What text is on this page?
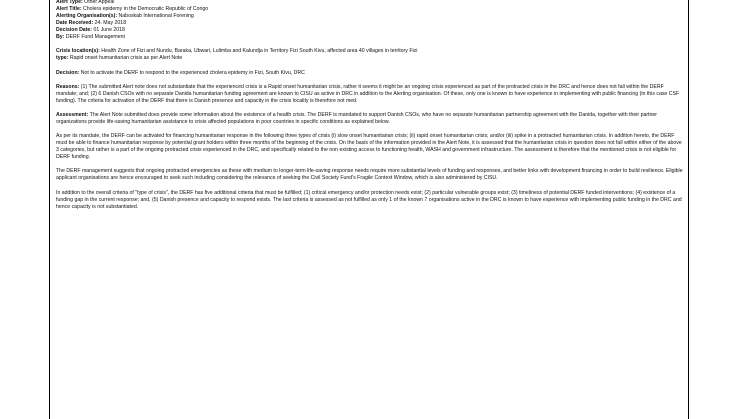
Alert Type: Other Appeal
Alert Title: Cholera epidemy in the Democratic Republic of Congo
Alerting Organisation(s): Naboskab International Forening
Date Received: 24. May 2018
Decision Date: 01 June 2018
By: DERF Fund Management
Crisis location(s): Health Zone of Fizi and Nundu, Baraka, Ubwari, Lulimba and Kalundja in Territory Fizi South Kivu, affected area 40 villages in territory Fizi
type: Rapid onset humanitarian crisis as per Alert Note

Decision: Not to activate the DERF to respond to the experienced cholera epidemy in Fizi, South Kivu, DRC

Reasons: (1) The submitted Alert note does not substantiate that the experienced crisis is a Rapid onset humanitarian crisis, rather it seems it might be an ongoing crisis experienced as part of the protracted crisis in the DRC and hence does not fall within the DERF mandate; and; (2) 6 Danish CSOs with no separate Danida humanitarian funding agreement are known to CISU as active in DRC in addition to the Alerting organisation. Of these, only one is known to have experience in implementing with public financing (in this case CSF funding). The criteria for activation of the DERF that there is Danish presence and capacity in the crisis locality is therefore not med.

Assessment: The Alert Note submitted does provide some information about the existence of a health crisis. The DERF is mandated to support Danish CSOs, who have no separate humanitarian partnership agreement with the Danida, together with their partner organizations provide life-saving humanitarian assistance to crisis affected populations in poor countries in specific conditions as explained below.

As per its mandate, the DERF can be activated for financing humanitarian response in the following three types of crisis (i) slow onset humanitarian crisis; (ii) rapid onset humanitarian crisis; and/or (iii) spike in a protracted humanitarian crisis. In addition hereto, the DERF must be able to finance humanitarian response by potential grant holders within three months of the beginning of the crisis. On the basis of the information provided in the Alert Note, it is assessed that the humanitarian crisis in question does not fall within either of the above 3 categories, but rather is a part of the ongoing protracted crisis experienced in the DRC, and specifically related to the non existing access to functioning health, WASH and government infrastructure. The assessment is therefore that the mentioned crisis is not eligible for DERF funding.

The DERF management suggests that ongoing protracted emergencies as these with medium to longer-term life-saving response needs require more substantial levels of funding and responses, and better links with development financing in order to build resilience. Eligible applicant organisations are hence encouraged to seek such including considering the relevance of seeking the Civil Society Fund's Fragile Context Window, which is also administered by CISU.

In addition to the overall criteria of "type of crisis", the DERF has five additional criteria that must be fulfilled; (1) critical emergency and/or protection needs exist; (2) particular vulnerable groups exist; (3) timeliness of potential DERF funded interventions; (4) existence of a funding gap in the current response; and, (5) Danish presence and capacity to respond exists. The last criteria is assessed as not fulfilled as only 1 of the known 7 organisations active in the DRC is known to have experience with implementing public funding in the DRC and hence capacity is not substantiated.
